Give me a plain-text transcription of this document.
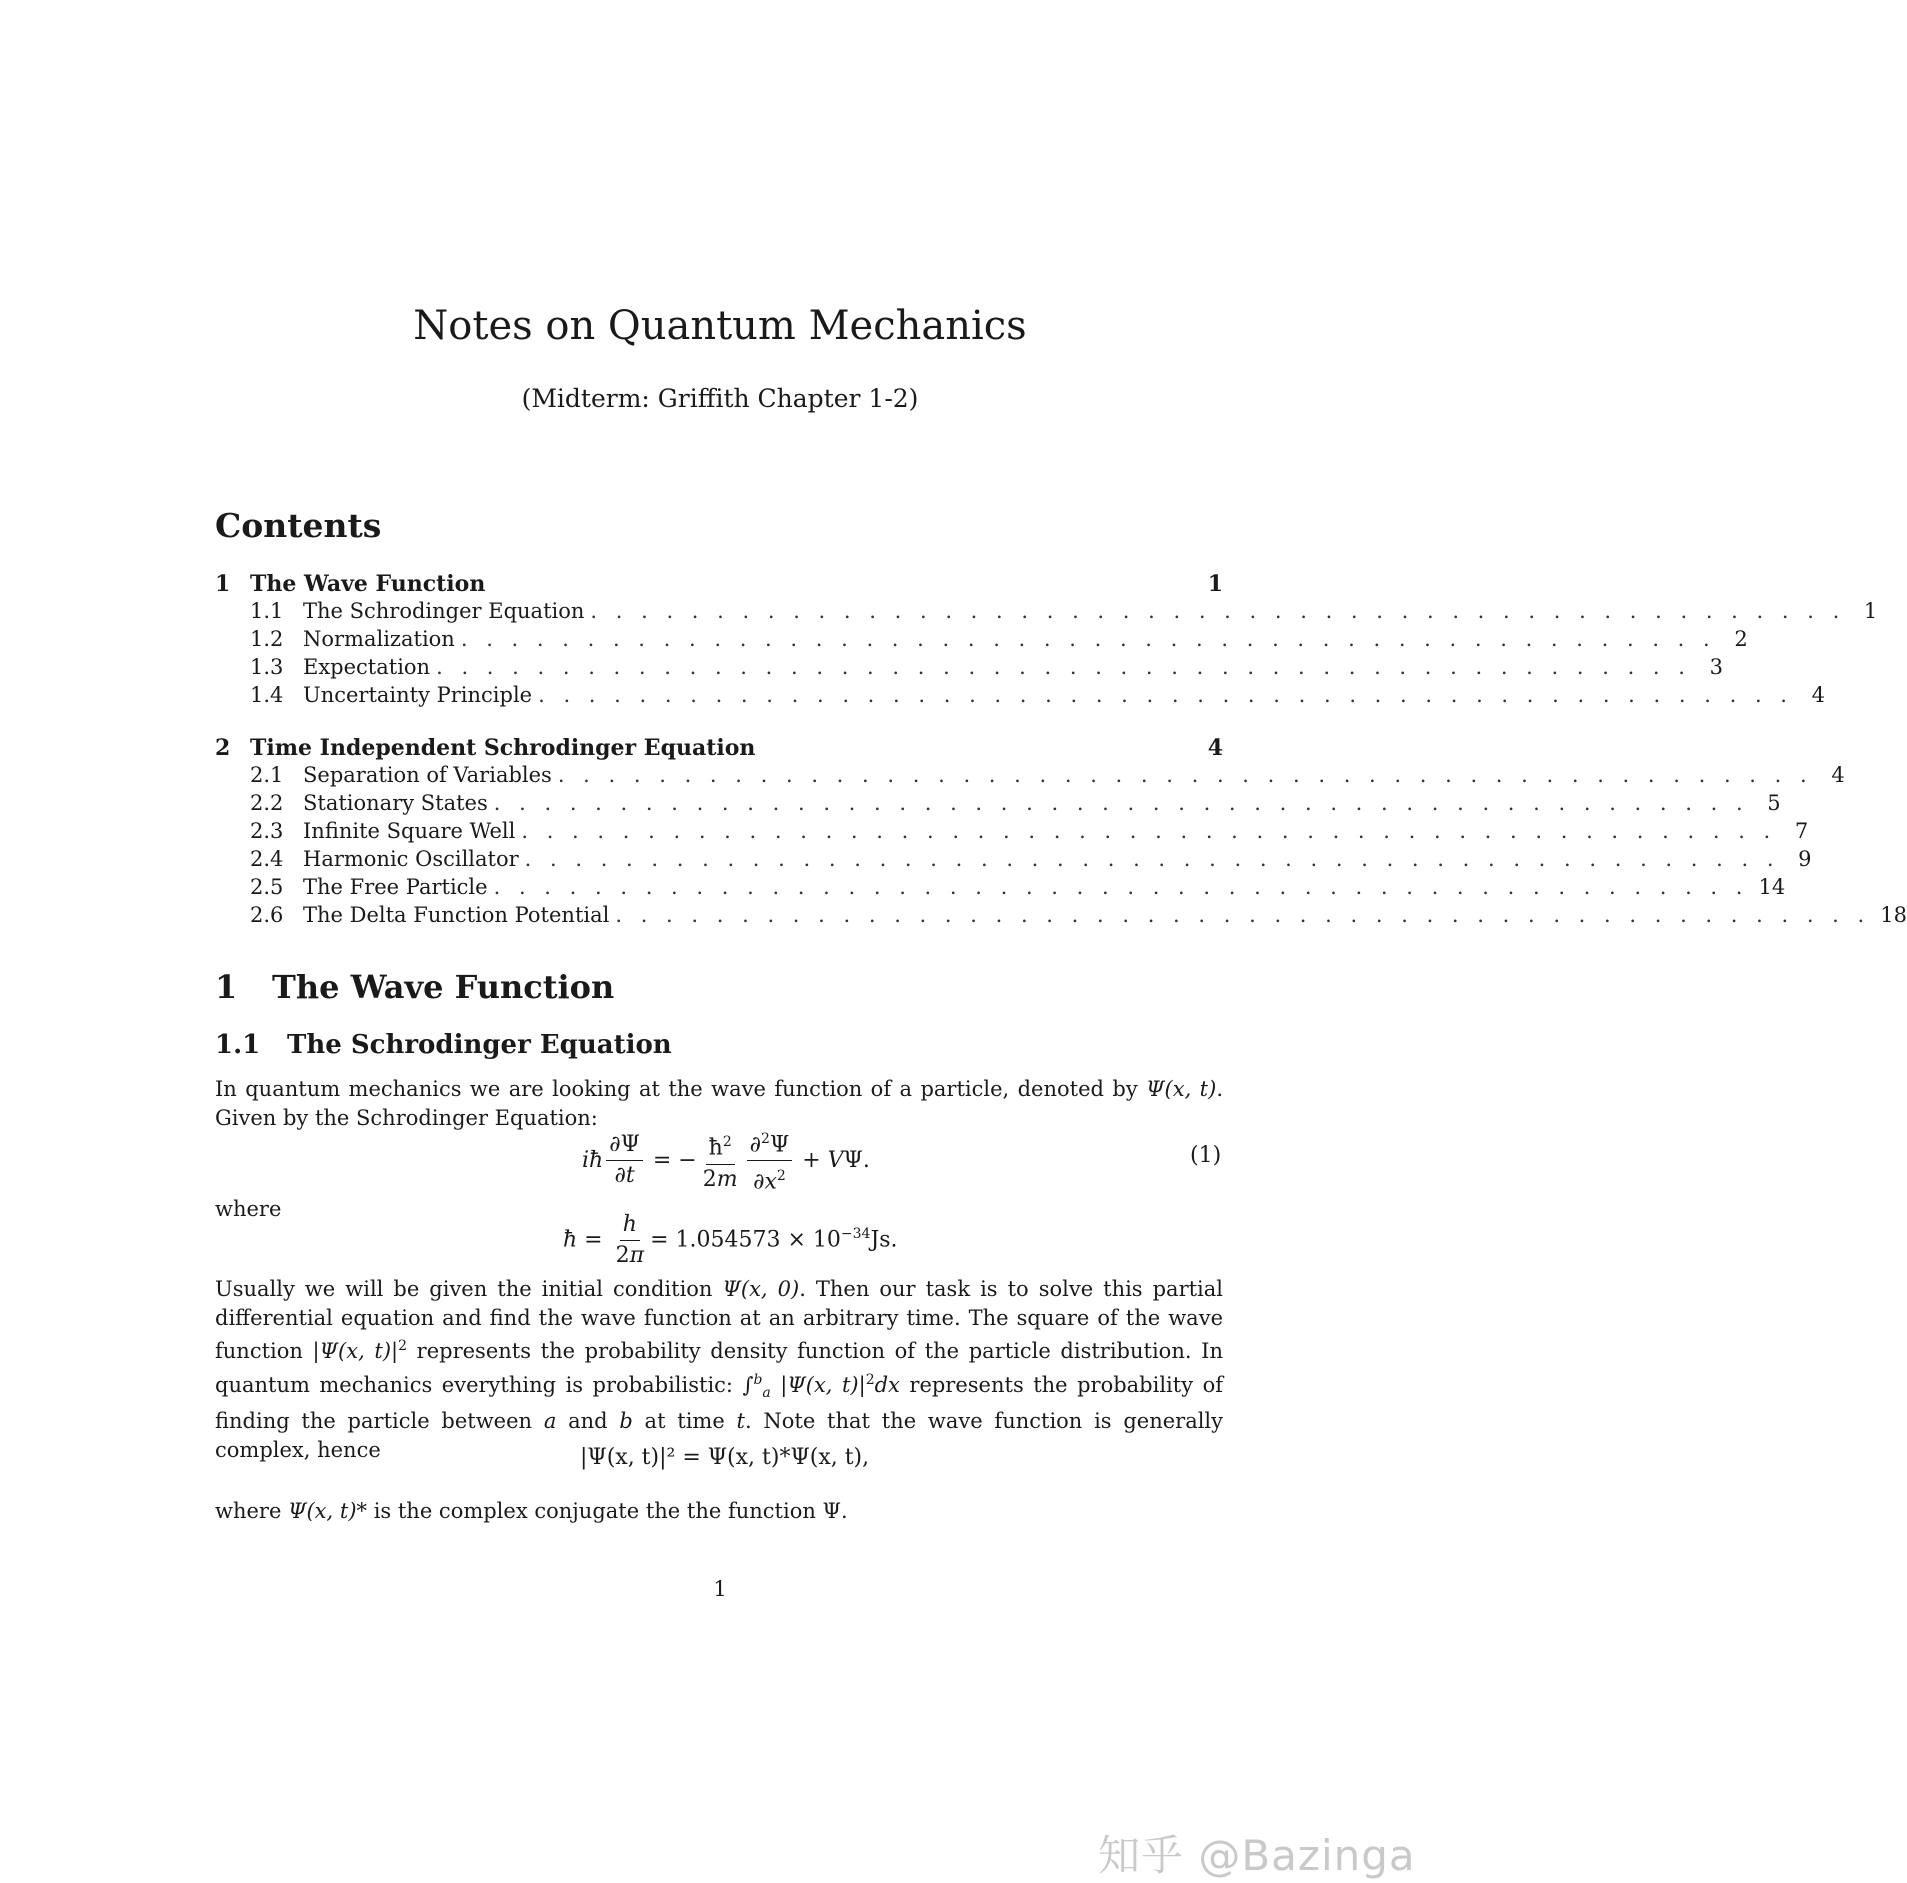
Notes on Quantum Mechanics
(Midterm: Griffith Chapter 1-2)
Contents
1 The Wave Function	1
1.1 The Schrodinger Equation . . . . . . . . . . . . . . . . . . . . . . . . . . . . . . . . . . . . . . . . . . . . . . . . . . 1
1.2 Normalization . . . . . . . . . . . . . . . . . . . . . . . . . . . . . . . . . . . . . . . . . . . . . . . . . . 2
1.3 Expectation . . . . . . . . . . . . . . . . . . . . . . . . . . . . . . . . . . . . . . . . . . . . . . . . . . 3
1.4 Uncertainty Principle . . . . . . . . . . . . . . . . . . . . . . . . . . . . . . . . . . . . . . . . . . . . . . . . . . 4
2 Time Independent Schrodinger Equation	4
2.1 Separation of Variables . . . . . . . . . . . . . . . . . . . . . . . . . . . . . . . . . . . . . . . . . . . . . . . . . . 4
2.2 Stationary States . . . . . . . . . . . . . . . . . . . . . . . . . . . . . . . . . . . . . . . . . . . . . . . . . . 5
2.3 Infinite Square Well . . . . . . . . . . . . . . . . . . . . . . . . . . . . . . . . . . . . . . . . . . . . . . . . . . 7
2.4 Harmonic Oscillator . . . . . . . . . . . . . . . . . . . . . . . . . . . . . . . . . . . . . . . . . . . . . . . . . . 9
2.5 The Free Particle . . . . . . . . . . . . . . . . . . . . . . . . . . . . . . . . . . . . . . . . . . . . . . . . . . 14
2.6 The Delta Function Potential . . . . . . . . . . . . . . . . . . . . . . . . . . . . . . . . . . . . . . . . . . . . . . . . . . 18
1 The Wave Function
1.1 The Schrodinger Equation
In quantum mechanics we are looking at the wave function of a particle, denoted by Ψ(x, t). Given by the Schrodinger Equation:
iħ $\frac{\partial\Psi}{\partial t}$ = − $\frac{ħ^2}{2m} \frac{\partial^2\Psi}{\partial x^2} + V\Psi$.	(1)
where
ħ = $\frac{h}{2\pi} = 1.054573 \times 10^{-34}Js$.
Usually we will be given the initial condition Ψ(x, 0). Then our task is to solve this partial differential equation and find the wave function at an arbitrary time. The square of the wave function |Ψ(x, $t)|^2$ represents the probability density function of the particle distribution. In quantum mechanics everything is probabilistic: ∫$^b_a$ |Ψ(x, $t)|^2dx$ represents the probability of finding the particle between a and b at time t. Note that the wave function is generally complex, hence	|Ψ(x, t)|² = Ψ(x, t)*Ψ(x, t),
where Ψ(x, t)* is the complex conjugate the the function Ψ.
1
知乎 @Bazinga
